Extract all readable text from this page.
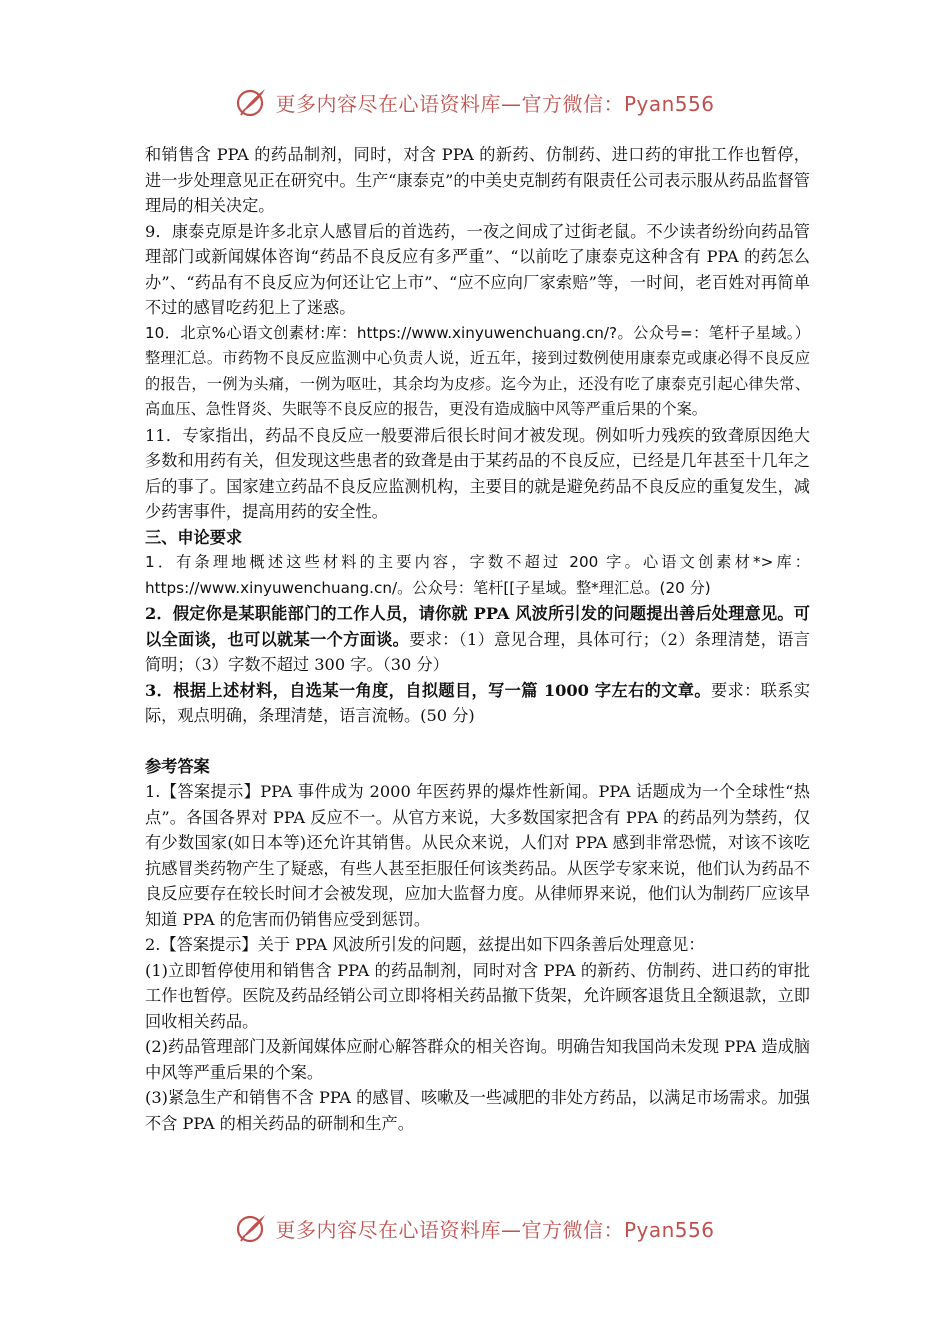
更多内容尽在心语资料库—官方微信：Pyan556

和销售含 PPA 的药品制剂，同时，对含 PPA 的新药、仿制药、进口药的审批工作也暂停，进一步处理意见正在研究中。生产“康泰克”的中美史克制药有限责任公司表示服从药品监督管理局的相关决定。

9．康泰克原是许多北京人感冒后的首选药，一夜之间成了过街老鼠。不少读者纷纷向药品管理部门或新闻媒体咨询“药品不良反应有多严重”、“以前吃了康泰克这种含有 PPA 的药怎么办”、“药品有不良反应为何还让它上市”、“应不应向厂家索赔”等，一时间，老百姓对再简单不过的感冒吃药犯上了迷惑。

10．北京%心语文创素材:库：https://www.xinyuwenchuang.cn/?。公众号=：笔杆子星域。）整理汇总。市药物不良反应监测中心负责人说，近五年，接到过数例使用康泰克或康必得不良反应的报告，一例为头痛，一例为呕吐，其余均为皮疹。迄今为止，还没有吃了康泰克引起心律失常、高血压、急性肾炎、失眠等不良反应的报告，更没有造成脑中风等严重后果的个案。

11．专家指出，药品不良反应一般要滞后很长时间才被发现。例如听力残疾的致聋原因绝大多数和用药有关，但发现这些患者的致聋是由于某药品的不良反应，已经是几年甚至十几年之后的事了。国家建立药品不良反应监测机构，主要目的就是避免药品不良反应的重复发生，减少药害事件，提高用药的安全性。

三、申论要求

1．有条理地概述这些材料的主要内容，字数不超过 200 字。心语文创素材*>库：https://www.xinyuwenchuang.cn/。公众号：笔杆[[子星域。整*理汇总。(20 分)

2．假定你是某职能部门的工作人员，请你就 PPA 风波所引发的问题提出善后处理意见。可以全面谈，也可以就某一个方面谈。要求：（1）意见合理，具体可行；（2）条理清楚，语言简明；（3）字数不超过 300 字。（30 分）

3．根据上述材料，自选某一角度，自拟题目，写一篇 1000 字左右的文章。要求：联系实际，观点明确，条理清楚，语言流畅。(50 分)

参考答案

1.【答案提示】PPA 事件成为 2000 年医药界的爆炸性新闻。PPA 话题成为一个全球性“热点”。各国各界对 PPA 反应不一。从官方来说，大多数国家把含有 PPA 的药品列为禁药，仅有少数国家(如日本等)还允许其销售。从民众来说，人们对 PPA 感到非常恐慌，对该不该吃抗感冒类药物产生了疑惑，有些人甚至拒服任何该类药品。从医学专家来说，他们认为药品不良反应要存在较长时间才会被发现，应加大监督力度。从律师界来说，他们认为制药厂应该早知道 PPA 的危害而仍销售应受到惩罚。

2.【答案提示】关于 PPA 风波所引发的问题，兹提出如下四条善后处理意见：

(1)立即暂停使用和销售含 PPA 的药品制剂，同时对含 PPA 的新药、仿制药、进口药的审批工作也暂停。医院及药品经销公司立即将相关药品撤下货架，允许顾客退货且全额退款，立即回收相关药品。

(2)药品管理部门及新闻媒体应耐心解答群众的相关咨询。明确告知我国尚未发现 PPA 造成脑中风等严重后果的个案。

(3)紧急生产和销售不含 PPA 的感冒、咳嗽及一些减肥的非处方药品，以满足市场需求。加强不含 PPA 的相关药品的研制和生产。

更多内容尽在心语资料库—官方微信：Pyan556
